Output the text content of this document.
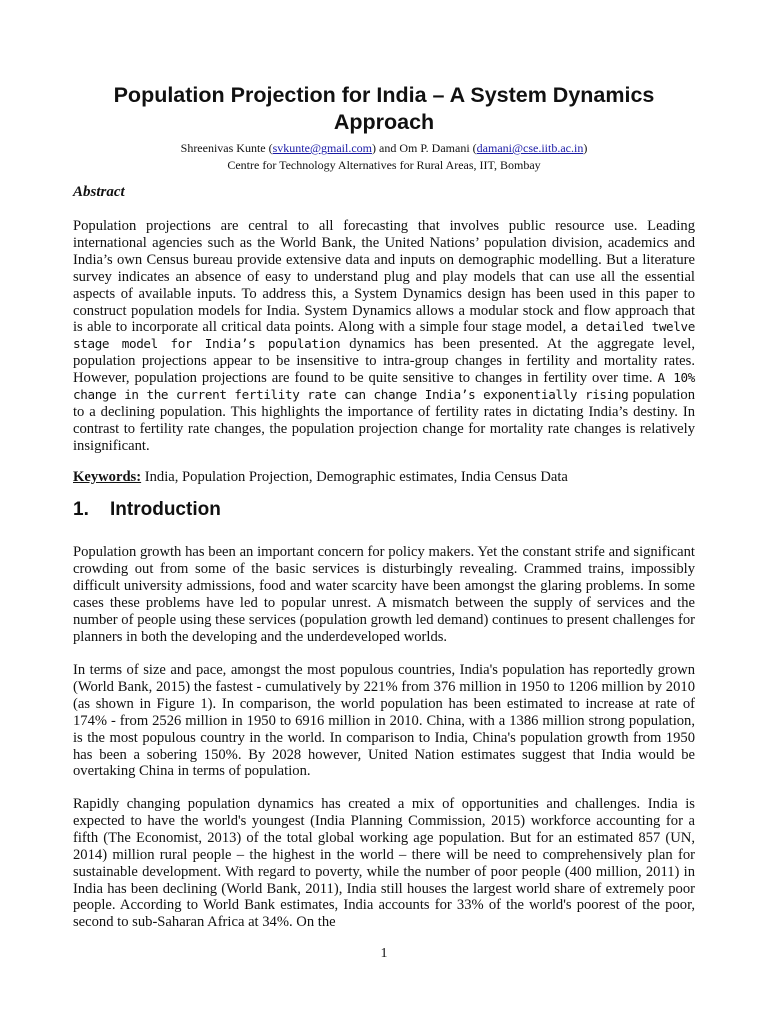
Population Projection for India – A System Dynamics Approach
Shreenivas Kunte (svkunte@gmail.com) and Om P. Damani (damani@cse.iitb.ac.in)
Centre for Technology Alternatives for Rural Areas, IIT, Bombay
Abstract

Population projections are central to all forecasting that involves public resource use. Leading international agencies such as the World Bank, the United Nations’ population division, academics and India’s own Census bureau provide extensive data and inputs on demographic modelling. But a literature survey indicates an absence of easy to understand plug and play models that can use all the essential aspects of available inputs. To address this, a System Dynamics design has been used in this paper to construct population models for India. System Dynamics allows a modular stock and flow approach that is able to incorporate all critical data points. Along with a simple four stage model, a detailed twelve stage model for India’s population dynamics has been presented. At the aggregate level, population projections appear to be insensitive to intra-group changes in fertility and mortality rates. However, population projections are found to be quite sensitive to changes in fertility over time. A 10% change in the current fertility rate can change India’s exponentially rising population to a declining population. This highlights the importance of fertility rates in dictating India’s destiny. In contrast to fertility rate changes, the population projection change for mortality rate changes is relatively insignificant.

Keywords: India, Population Projection, Demographic estimates, India Census Data

1. Introduction

Population growth has been an important concern for policy makers. Yet the constant strife and significant crowding out from some of the basic services is disturbingly revealing. Crammed trains, impossibly difficult university admissions, food and water scarcity have been amongst the glaring problems. In some cases these problems have led to popular unrest. A mismatch between the supply of services and the number of people using these services (population growth led demand) continues to present challenges for planners in both the developing and the underdeveloped worlds.

In terms of size and pace, amongst the most populous countries, India's population has reportedly grown (World Bank, 2015) the fastest - cumulatively by 221% from 376 million in 1950 to 1206 million by 2010 (as shown in Figure 1). In comparison, the world population has been estimated to increase at rate of 174% - from 2526 million in 1950 to 6916 million in 2010. China, with a 1386 million strong population, is the most populous country in the world. In comparison to India, China's population growth from 1950 has been a sobering 150%. By 2028 however, United Nation estimates suggest that India would be overtaking China in terms of population.

Rapidly changing population dynamics has created a mix of opportunities and challenges. India is expected to have the world's youngest (India Planning Commission, 2015) workforce accounting for a fifth (The Economist, 2013) of the total global working age population. But for an estimated 857 (UN, 2014) million rural people – the highest in the world – there will be need to comprehensively plan for sustainable development. With regard to poverty, while the number of poor people (400 million, 2011) in India has been declining (World Bank, 2011), India still houses the largest world share of extremely poor people. According to World Bank estimates, India accounts for 33% of the world's poorest of the poor, second to sub-Saharan Africa at 34%. On the

1
